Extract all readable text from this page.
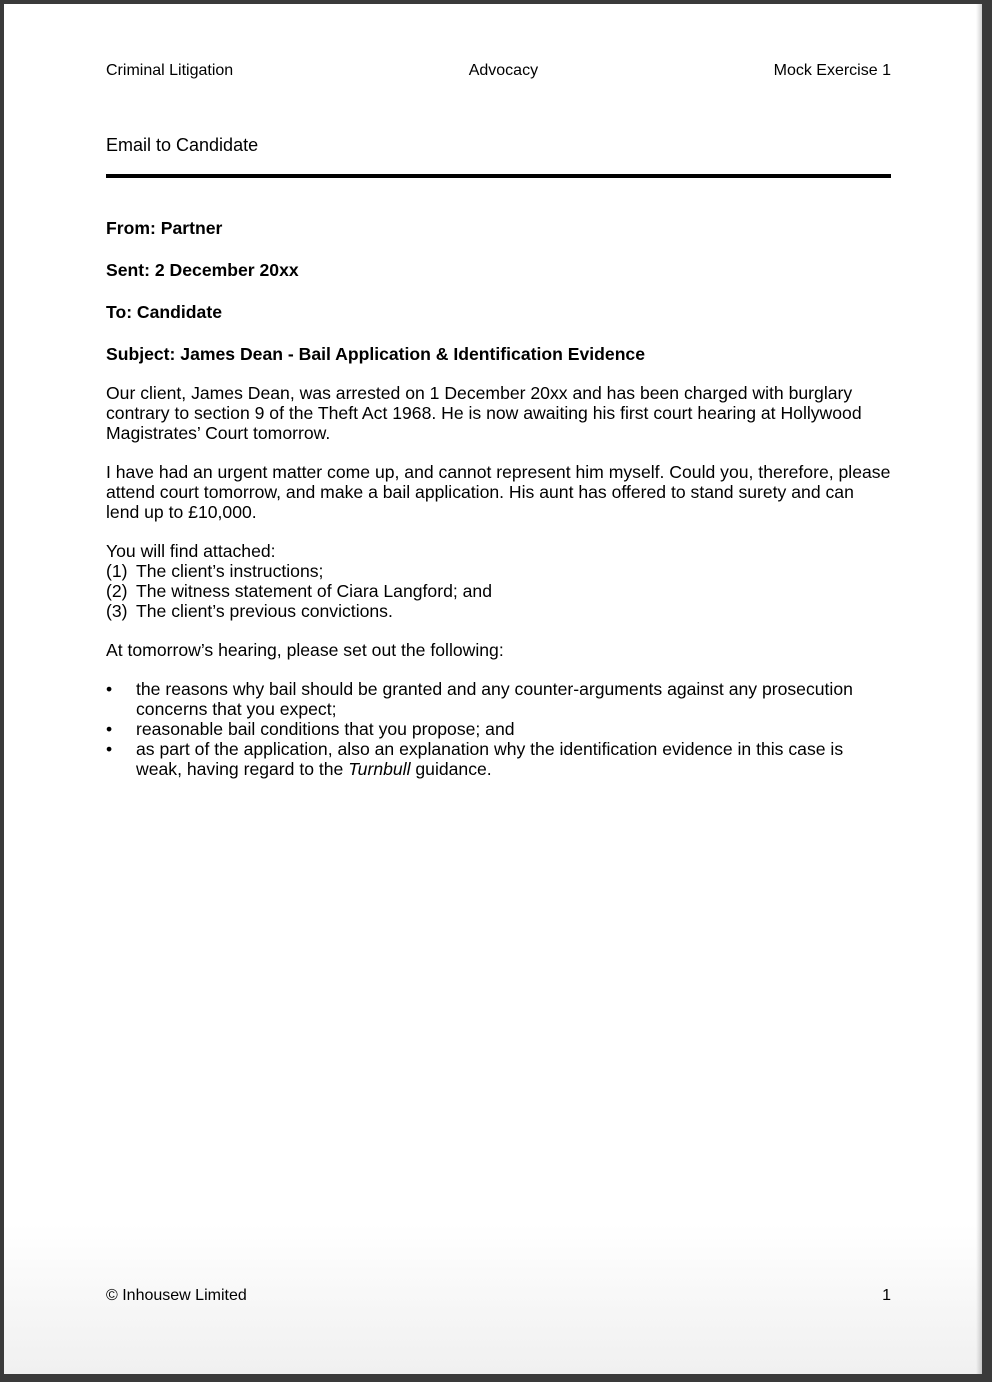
Criminal Litigation	Advocacy	Mock Exercise 1
Email to Candidate
From: Partner
Sent: 2 December 20xx
To: Candidate
Subject: James Dean - Bail Application & Identification Evidence

Our client, James Dean, was arrested on 1 December 20xx and has been charged with burglary contrary to section 9 of the Theft Act 1968. He is now awaiting his first court hearing at Hollywood Magistrates’ Court tomorrow.

I have had an urgent matter come up, and cannot represent him myself. Could you, therefore, please attend court tomorrow, and make a bail application. His aunt has offered to stand surety and can lend up to £10,000.

You will find attached:
(1) The client’s instructions;
(2) The witness statement of Ciara Langford; and
(3) The client’s previous convictions.

At tomorrow’s hearing, please set out the following:

•	the reasons why bail should be granted and any counter-arguments against any prosecution concerns that you expect;
•	reasonable bail conditions that you propose; and
•	as part of the application, also an explanation why the identification evidence in this case is weak, having regard to the Turnbull guidance.
© Inhousew Limited	1
